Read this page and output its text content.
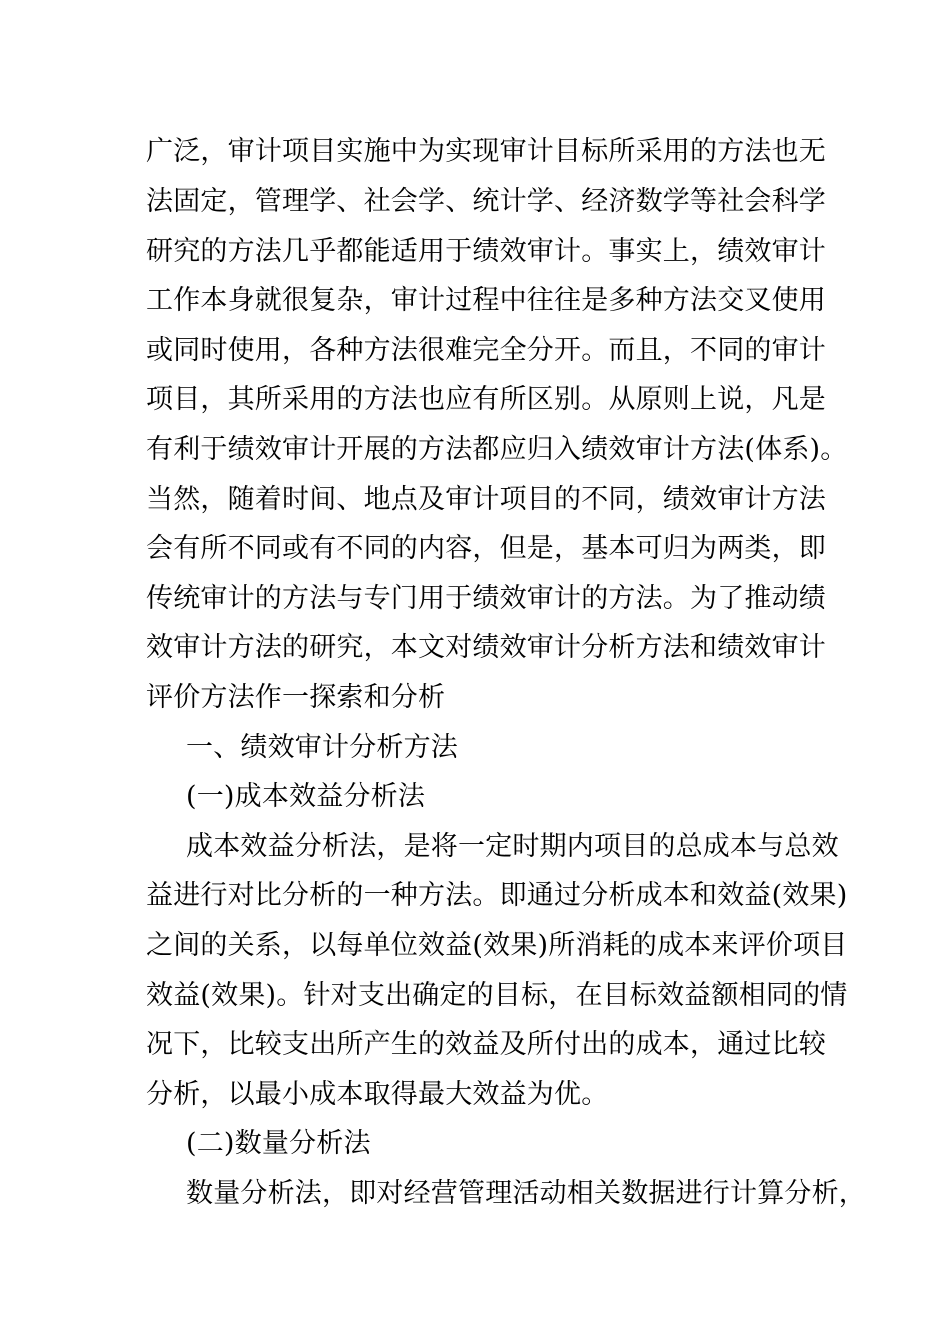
广泛，审计项目实施中为实现审计目标所采用的方法也无
法固定，管理学、社会学、统计学、经济数学等社会科学
研究的方法几乎都能适用于绩效审计。事实上，绩效审计
工作本身就很复杂，审计过程中往往是多种方法交叉使用
或同时使用，各种方法很难完全分开。而且，不同的审计
项目，其所采用的方法也应有所区别。从原则上说，凡是
有利于绩效审计开展的方法都应归入绩效审计方法(体系)。
当然，随着时间、地点及审计项目的不同，绩效审计方法
会有所不同或有不同的内容，但是，基本可归为两类，即
传统审计的方法与专门用于绩效审计的方法。为了推动绩
效审计方法的研究，本文对绩效审计分析方法和绩效审计
评价方法作一探索和分析
一、绩效审计分析方法
(一)成本效益分析法
成本效益分析法，是将一定时期内项目的总成本与总效
益进行对比分析的一种方法。即通过分析成本和效益(效果)
之间的关系，以每单位效益(效果)所消耗的成本来评价项目
效益(效果)。针对支出确定的目标，在目标效益额相同的情
况下，比较支出所产生的效益及所付出的成本，通过比较
分析，以最小成本取得最大效益为优。
(二)数量分析法
数量分析法，即对经营管理活动相关数据进行计算分析，
